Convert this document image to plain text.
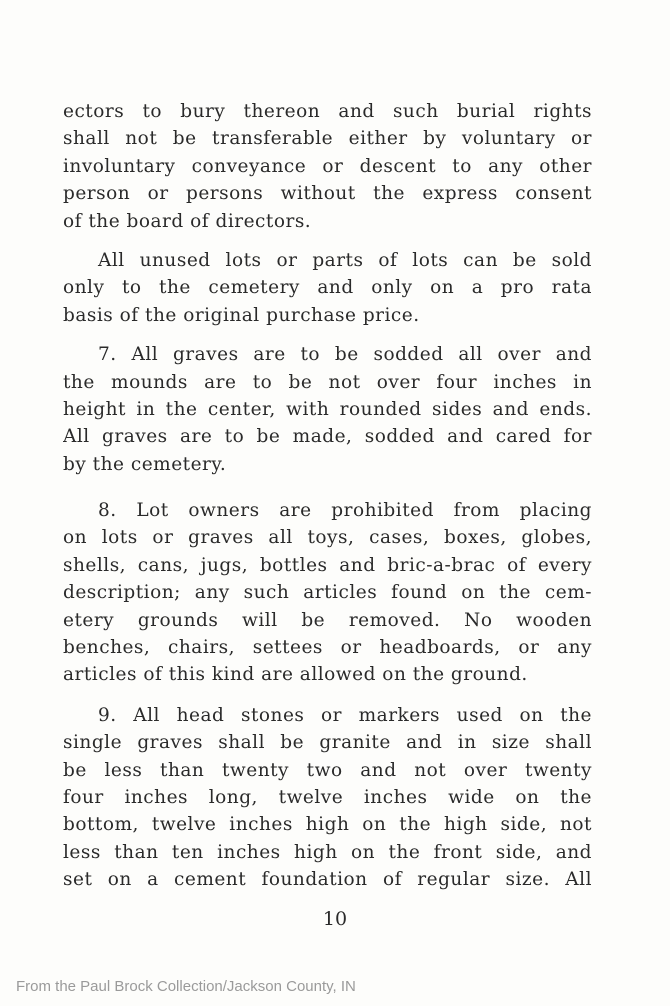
ectors to bury thereon and such burial rights
shall not be transferable either by voluntary or
involuntary conveyance or descent to any other
person or persons without the express consent
of the board of directors.
All unused lots or parts of lots can be sold
only to the cemetery and only on a pro rata
basis of the original purchase price.
7. All graves are to be sodded all over and
the mounds are to be not over four inches in
height in the center, with rounded sides and ends.
All graves are to be made, sodded and cared for
by the cemetery.
8. Lot owners are prohibited from placing
on lots or graves all toys, cases, boxes, globes,
shells, cans, jugs, bottles and bric-a-brac of every
description; any such articles found on the cem-
etery grounds will be removed. No wooden
benches, chairs, settees or headboards, or any
articles of this kind are allowed on the ground.
9. All head stones or markers used on the
single graves shall be granite and in size shall
be less than twenty two and not over twenty
four inches long, twelve inches wide on the
bottom, twelve inches high on the high side, not
less than ten inches high on the front side, and
set on a cement foundation of regular size. All
10
From the Paul Brock Collection/Jackson County, IN
